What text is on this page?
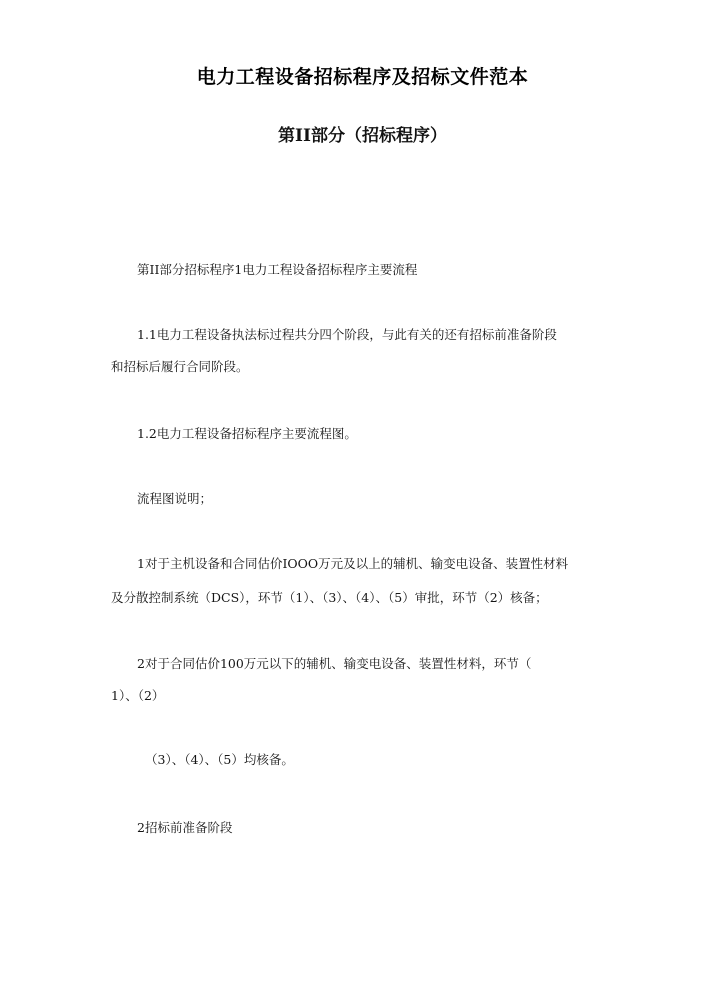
电力工程设备招标程序及招标文件范本
第II部分（招标程序）

第II部分招标程序1电力工程设备招标程序主要流程

1.1电力工程设备执法标过程共分四个阶段，与此有关的还有招标前准备阶段

和招标后履行合同阶段。

1.2电力工程设备招标程序主要流程图。

流程图说明；

1对于主机设备和合同估价IOOO万元及以上的辅机、输变电设备、装置性材料

及分散控制系统（DCS），环节（1）、（3）、（4）、（5）审批，环节（2）核备；

2对于合同估价100万元以下的辅机、输变电设备、装置性材料，环节（

1）、（2）

（3）、（4）、（5）均核备。

2招标前准备阶段
